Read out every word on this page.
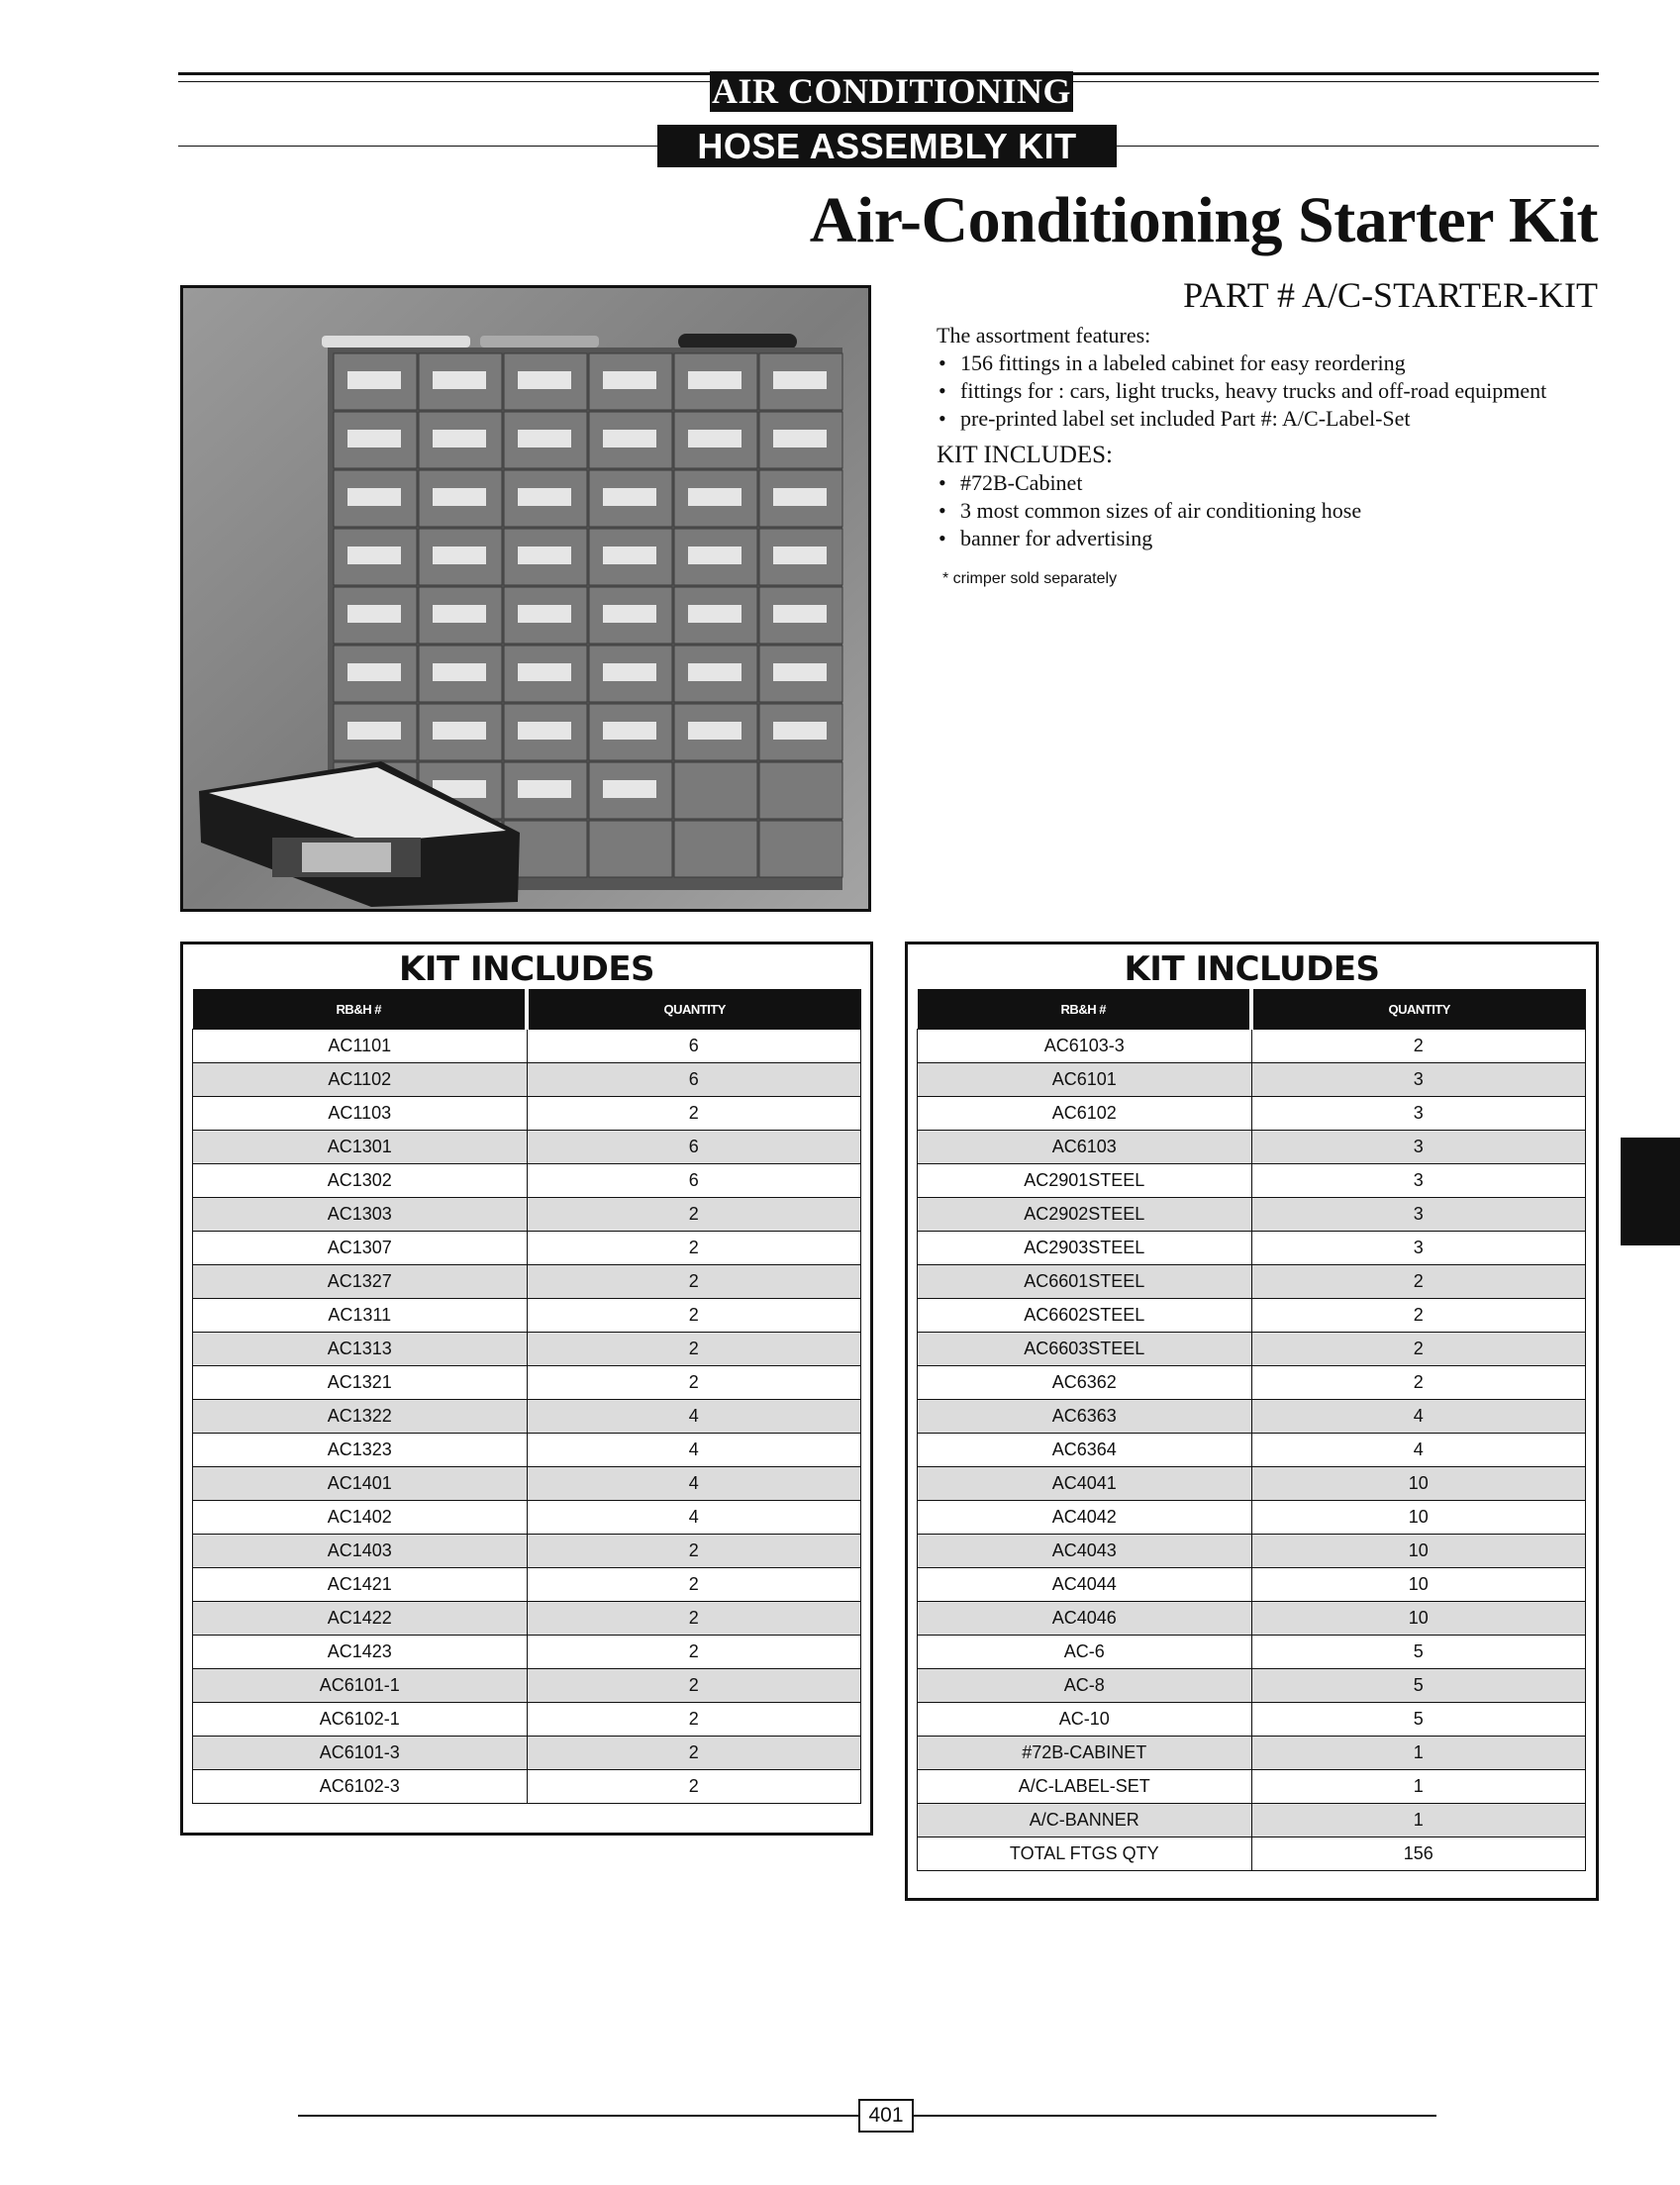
AIR CONDITIONING
HOSE ASSEMBLY KIT
Air-Conditioning Starter Kit
PART # A/C-STARTER-KIT
The assortment features:
• 156 fittings in a labeled cabinet for easy reordering
• fittings for : cars, light trucks, heavy trucks and off-road equipment
• pre-printed label set included Part #: A/C-Label-Set
KIT INCLUDES:
• #72B-Cabinet
• 3 most common sizes of air conditioning hose
• banner for advertising
* crimper sold separately
KIT INCLUDES
RB&H #	QUANTITY
AC1101	6
AC1102	6
AC1103	2
AC1301	6
AC1302	6
AC1303	2
AC1307	2
AC1327	2
AC1311	2
AC1313	2
AC1321	2
AC1322	4
AC1323	4
AC1401	4
AC1402	4
AC1403	2
AC1421	2
AC1422	2
AC1423	2
AC6101-1	2
AC6102-1	2
AC6101-3	2
AC6102-3	2
KIT INCLUDES
RB&H #	QUANTITY
AC6103-3	2
AC6101	3
AC6102	3
AC6103	3
AC2901STEEL	3
AC2902STEEL	3
AC2903STEEL	3
AC6601STEEL	2
AC6602STEEL	2
AC6603STEEL	2
AC6362	2
AC6363	4
AC6364	4
AC4041	10
AC4042	10
AC4043	10
AC4044	10
AC4046	10
AC-6	5
AC-8	5
AC-10	5
#72B-CABINET	1
A/C-LABEL-SET	1
A/C-BANNER	1
TOTAL FTGS QTY	156
401
